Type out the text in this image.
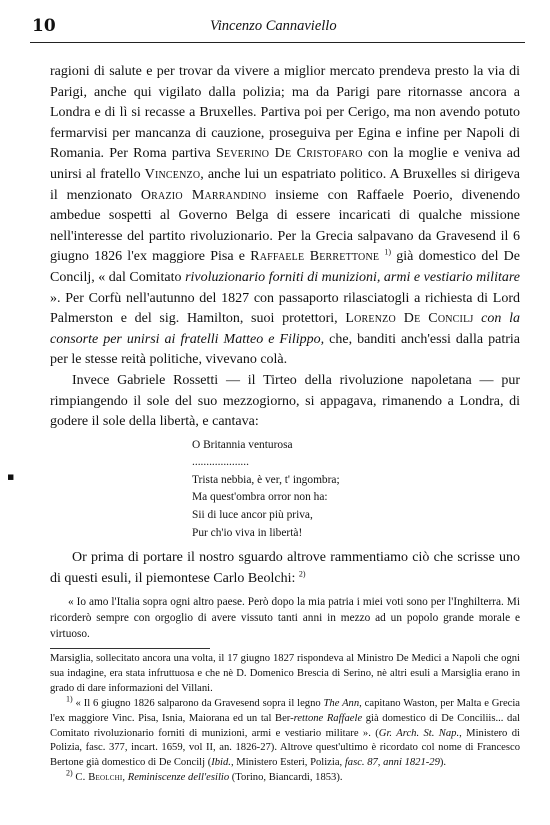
10	Vincenzo Cannaviello
▪

ragioni di salute e per trovar da vivere a miglior mercato prendeva presto la via di Parigi, anche qui vigilato dalla polizia; ma da Parigi pare ritornasse ancora a Londra e di lì si recasse a Bruxelles. Partiva poi per Cerigo, ma non avendo potuto fermarvisi per mancanza di cauzione, proseguiva per Egina e infine per Napoli di Romania. Per Roma partiva Severino De Cristofaro con la moglie e veniva ad unirsi al fratello Vincenzo, anche lui un espatriato politico. A Bruxelles si dirigeva il menzionato Orazio Marrandino insieme con Raffaele Poerio, divenendo ambedue sospetti al Governo Belga di essere incaricati di qualche missione nell'interesse del partito rivoluzionario. Per la Grecia salpavano da Gravesend il 6 giugno 1826 l'ex maggiore Pisa e Raffaele Berrettone $^{1)}$ già domestico del De Concilj, « dal Comitato rivoluzionario forniti di munizioni, armi e vestiario militare ». Per Corfù nell'autunno del 1827 con passaporto rilasciatogli a richiesta di Lord Palmerston e del sig. Hamilton, suoi protettori, Lorenzo De Concilj con la consorte per unirsi ai fratelli Matteo e Filippo, che, banditi anch'essi dalla patria per le stesse reità politiche, vivevano colà.

Invece Gabriele Rossetti — il Tirteo della rivoluzione napoletana — pur rimpiangendo il sole del suo mezzogiorno, si appagava, rimanendo a Londra, di godere il sole della libertà, e cantava:

O Britannia venturosa
....................
Trista nebbia, è ver, t' ingombra;
Ma quest'ombra orror non ha:
Sii di luce ancor più priva,
Pur ch'io viva in libertà!

Or prima di portare il nostro sguardo altrove rammentiamo ciò che scrisse uno di questi esuli, il piemontese Carlo Beolchi: $^{2)}$

« Io amo l'Italia sopra ogni altro paese. Però dopo la mia patria i miei voti sono per l'Inghilterra. Mi ricorderò sempre con orgoglio di avere vissuto tanti anni in mezzo ad un popolo grande morale e virtuoso.

Marsiglia, sollecitato ancora una volta, il 17 giugno 1827 rispondeva al Ministro De Medici a Napoli che ogni sua indagine, era stata infruttuosa e che nè D. Domenico Brescia di Serino, nè altri esuli a Marsiglia erano in grado di dare informazioni del Villani.

$^{1)}$ « Il 6 giugno 1826 salparono da Gravesend sopra il legno The Ann, capitano Waston, per Malta e Grecia l'ex maggiore Vinc. Pisa, Isnia, Maiorana ed un tal Ber-rettone Raffaele già domestico di De Conciliis... dal Comitato rivoluzionario forniti di munizioni, armi e vestiario militare ». (Gr. Arch. St. Nap., Ministero di Polizia, fasc. 377, incart. 1659, vol II, an. 1826-27). Altrove quest'ultimo è ricordato col nome di Francesco Bertone già domestico di De Concilj (Ibid., Ministero Esteri, Polizia, fasc. 87, anni 1821-29).

$^{2)}$ C. Beolchi, Reminiscenze dell'esilio (Torino, Biancardi, 1853).
